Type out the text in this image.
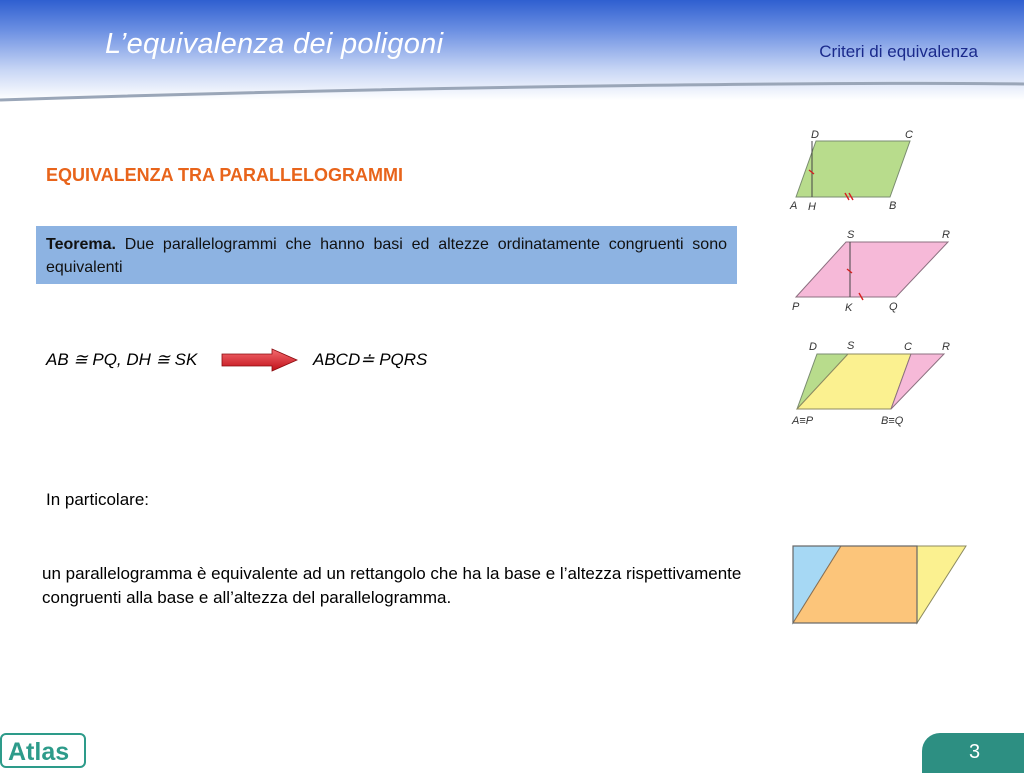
L’equivalenza dei poligoni	Criteri di equivalenza
EQUIVALENZA TRA PARALLELOGRAMMI
Teorema. Due parallelogrammi che hanno basi ed altezze ordinatamente congruenti sono equivalenti
AB ≅ PQ, DH ≅ SK	ABCD≐ PQRS
In particolare:
un parallelogramma è equivalente ad un rettangolo che ha la base e l’altezza rispettivamente congruenti alla base e all’altezza del parallelogramma.
D	C
A H	B
S	R
P	K	Q
D	S	C	R
A≡P	B≡Q
Atlas	3
